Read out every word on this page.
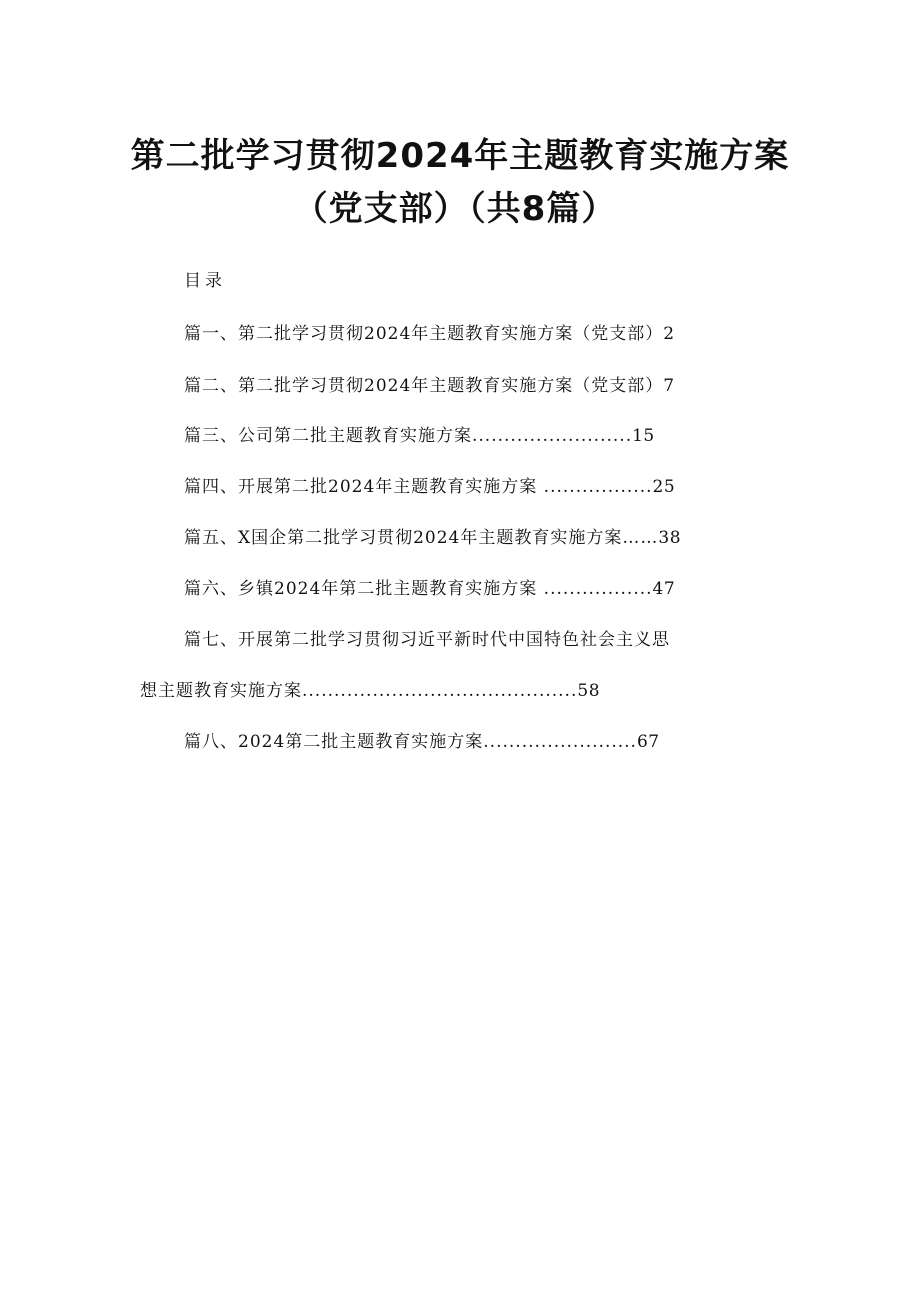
第二批学习贯彻2024年主题教育实施方案
（党支部）（共8篇）
目录
篇一、第二批学习贯彻2024年主题教育实施方案（党支部）2
篇二、第二批学习贯彻2024年主题教育实施方案（党支部）7
篇三、公司第二批主题教育实施方案.........................15
篇四、开展第二批2024年主题教育实施方案 .................25
篇五、X国企第二批学习贯彻2024年主题教育实施方案……38
篇六、乡镇2024年第二批主题教育实施方案 .................47
篇七、开展第二批学习贯彻习近平新时代中国特色社会主义思
想主题教育实施方案...........................................58
篇八、2024第二批主题教育实施方案........................67
